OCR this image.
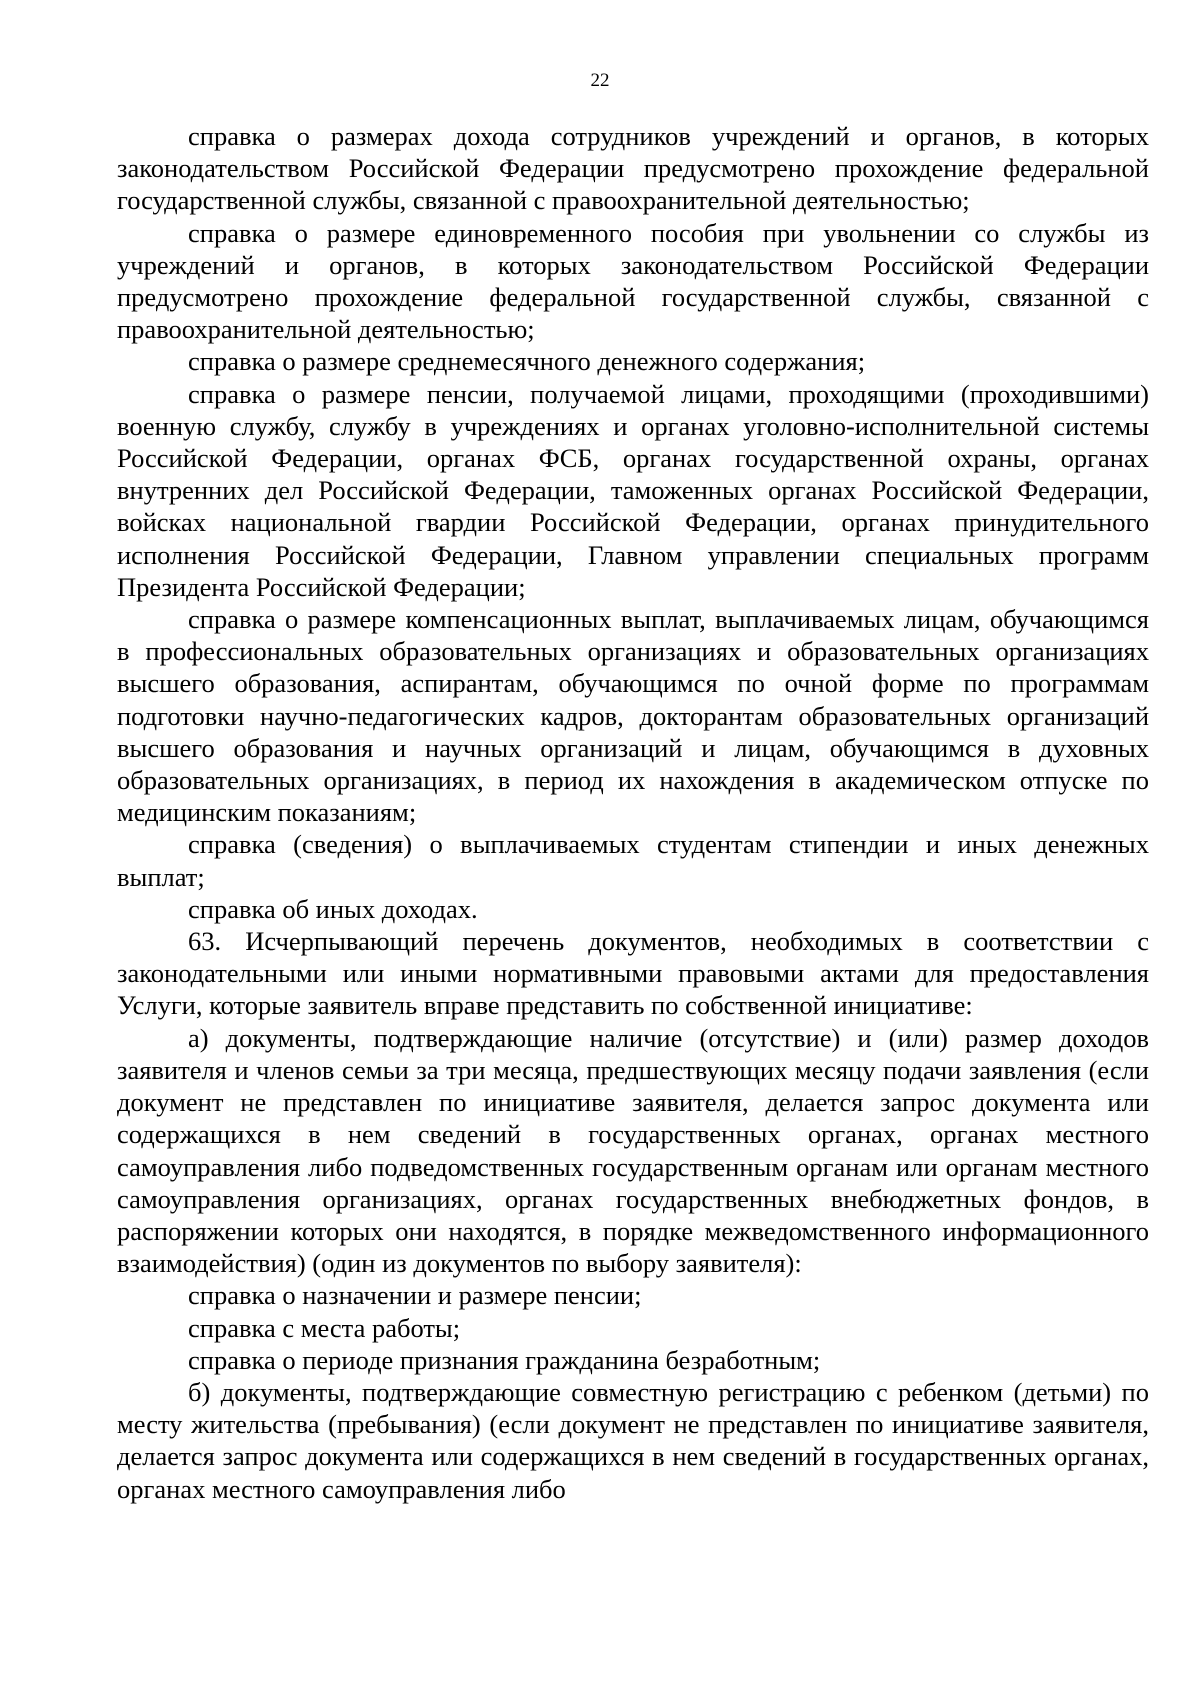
22

справка о размерах дохода сотрудников учреждений и органов, в которых законодательством Российской Федерации предусмотрено прохождение федеральной государственной службы, связанной с правоохранительной деятельностью;

справка о размере единовременного пособия при увольнении со службы из учреждений и органов, в которых законодательством Российской Федерации предусмотрено прохождение федеральной государственной службы, связанной с правоохранительной деятельностью;

справка о размере среднемесячного денежного содержания;

справка о размере пенсии, получаемой лицами, проходящими (проходившими) военную службу, службу в учреждениях и органах уголовно-исполнительной системы Российской Федерации, органах ФСБ, органах государственной охраны, органах внутренних дел Российской Федерации, таможенных органах Российской Федерации, войсках национальной гвардии Российской Федерации, органах принудительного исполнения Российской Федерации, Главном управлении специальных программ Президента Российской Федерации;

справка о размере компенсационных выплат, выплачиваемых лицам, обучающимся в профессиональных образовательных организациях и образовательных организациях высшего образования, аспирантам, обучающимся по очной форме по программам подготовки научно-педагогических кадров, докторантам образовательных организаций высшего образования и научных организаций и лицам, обучающимся в духовных образовательных организациях, в период их нахождения в академическом отпуске по медицинским показаниям;

справка (сведения) о выплачиваемых студентам стипендии и иных денежных выплат;

справка об иных доходах.

63. Исчерпывающий перечень документов, необходимых в соответствии с законодательными или иными нормативными правовыми актами для предоставления Услуги, которые заявитель вправе представить по собственной инициативе:

а) документы, подтверждающие наличие (отсутствие) и (или) размер доходов заявителя и членов семьи за три месяца, предшествующих месяцу подачи заявления (если документ не представлен по инициативе заявителя, делается запрос документа или содержащихся в нем сведений в государственных органах, органах местного самоуправления либо подведомственных государственным органам или органам местного самоуправления организациях, органах государственных внебюджетных фондов, в распоряжении которых они находятся, в порядке межведомственного информационного взаимодействия) (один из документов по выбору заявителя):

справка о назначении и размере пенсии;

справка с места работы;

справка о периоде признания гражданина безработным;

б) документы, подтверждающие совместную регистрацию с ребенком (детьми) по месту жительства (пребывания) (если документ не представлен по инициативе заявителя, делается запрос документа или содержащихся в нем сведений в государственных органах, органах местного самоуправления либо
